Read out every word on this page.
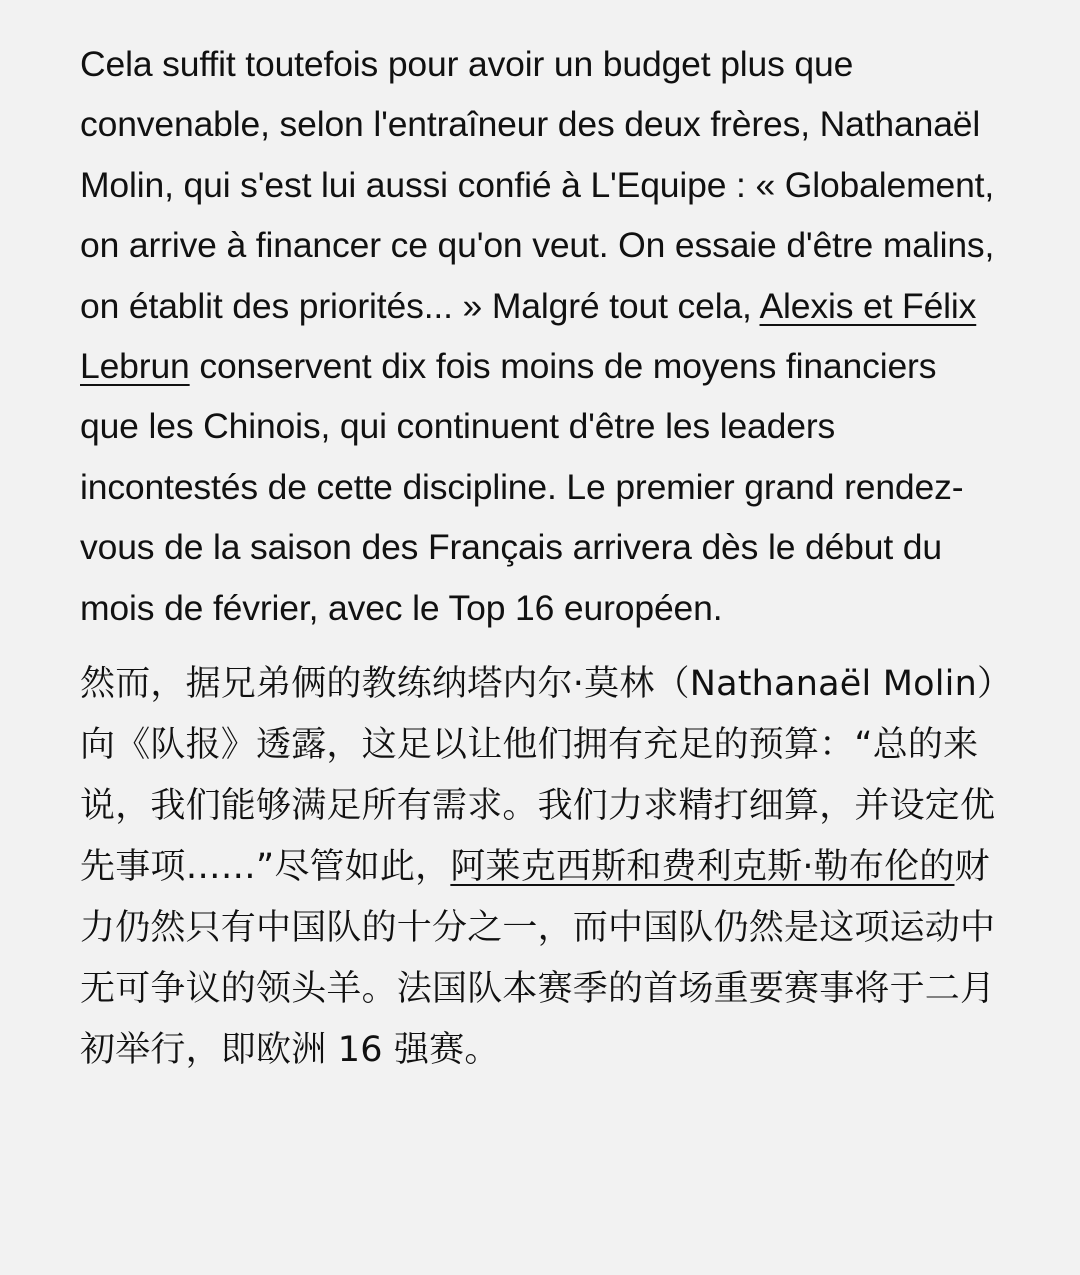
Cela suffit toutefois pour avoir un budget plus que convenable, selon l'entraîneur des deux frères, Nathanaël Molin, qui s'est lui aussi confié à L'Equipe : « Globalement, on arrive à financer ce qu'on veut. On essaie d'être malins, on établit des priorités... » Malgré tout cela, Alexis et Félix Lebrun conservent dix fois moins de moyens financiers que les Chinois, qui continuent d'être les leaders incontestés de cette discipline. Le premier grand rendez-vous de la saison des Français arrivera dès le début du mois de février, avec le Top 16 européen.

然而，据兄弟俩的教练纳塔内尔·莫林（Nathanaël Molin）向《队报》透露，这足以让他们拥有充足的预算：“总的来说，我们能够满足所有需求。我们力求精打细算，并设定优先事项……”尽管如此，阿莱克西斯和费利克斯·勒布伦的财力仍然只有中国队的十分之一，而中国队仍然是这项运动中无可争议的领头羊。法国队本赛季的首场重要赛事将于二月初举行，即欧洲 16 强赛。
